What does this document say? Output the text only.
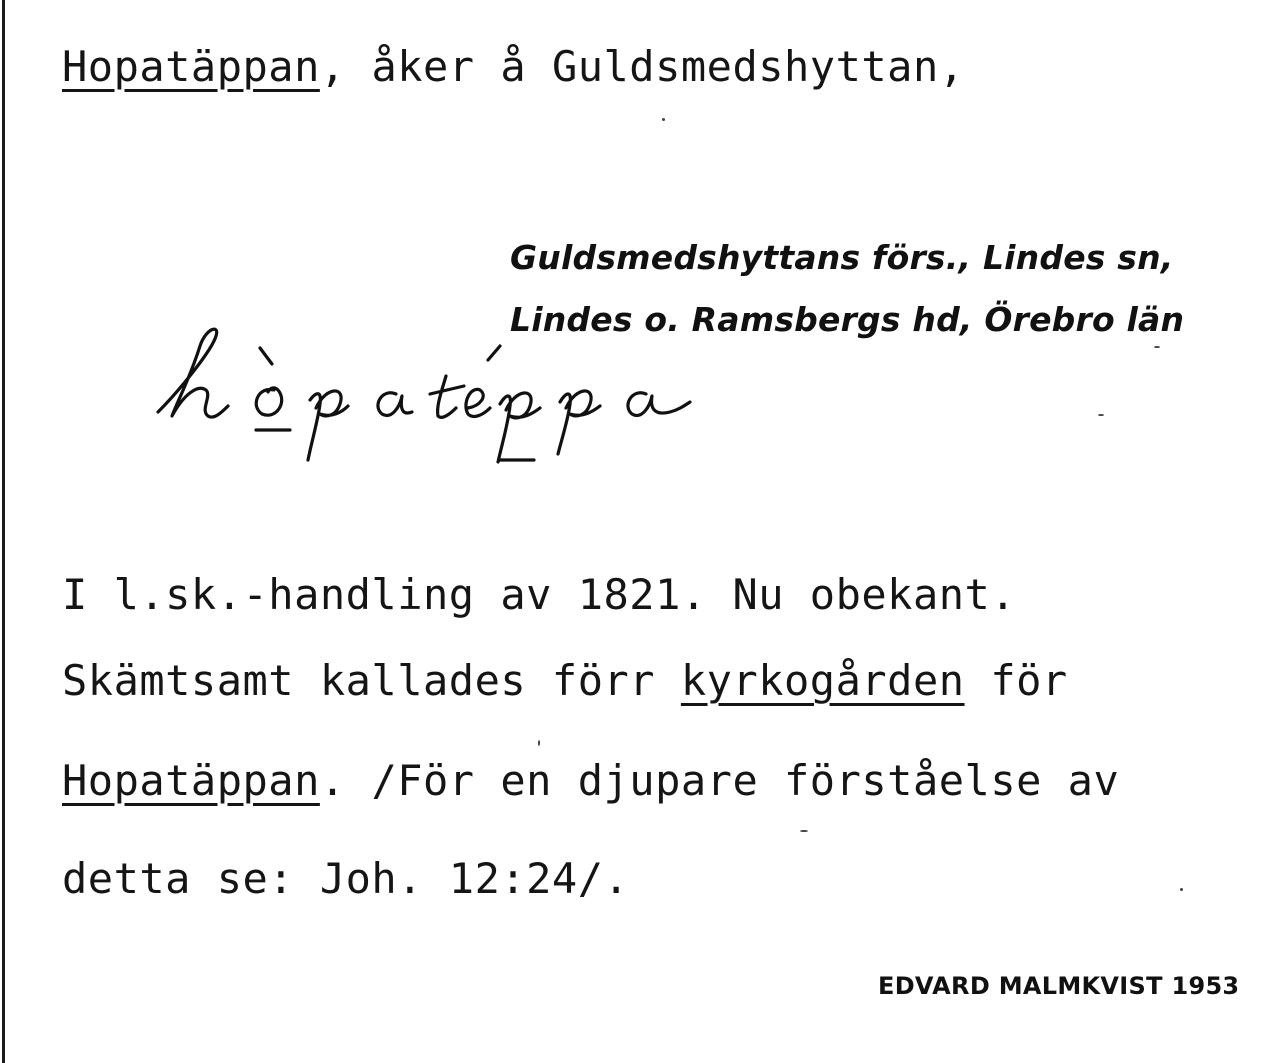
Hopatäppan, åker å Guldsmedshyttan,
Guldsmedshyttans förs., Lindes sn,
Lindes o. Ramsbergs hd, Örebro län
I l.sk.-handling av 1821. Nu obekant.
Skämtsamt kallades förr kyrkogården för
Hopatäppan. /För en djupare förståelse av
detta se: Joh. 12:24/.
EDVARD MALMKVIST 1953
